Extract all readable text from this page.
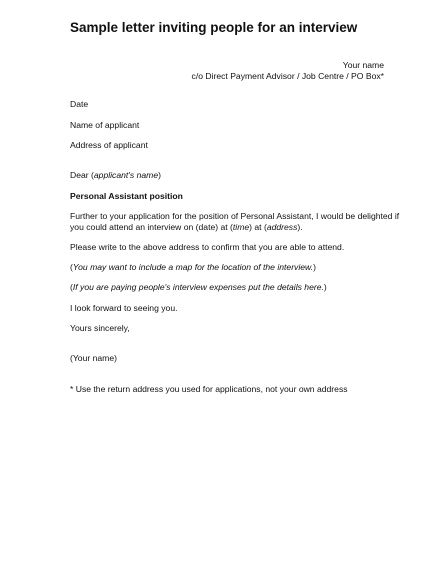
Sample letter inviting people for an interview
Your name
c/o Direct Payment Advisor / Job Centre / PO Box*
Date
Name of applicant
Address of applicant
Dear (applicant's name)
Personal Assistant position
Further to your application for the position of Personal Assistant, I would be delighted if
you could attend an interview on (date) at (time) at (address).
Please write to the above address to confirm that you are able to attend.
(You may want to include a map for the location of the interview.)
(If you are paying people's interview expenses put the details here.)
I look forward to seeing you.
Yours sincerely,
(Your name)
* Use the return address you used for applications, not your own address
